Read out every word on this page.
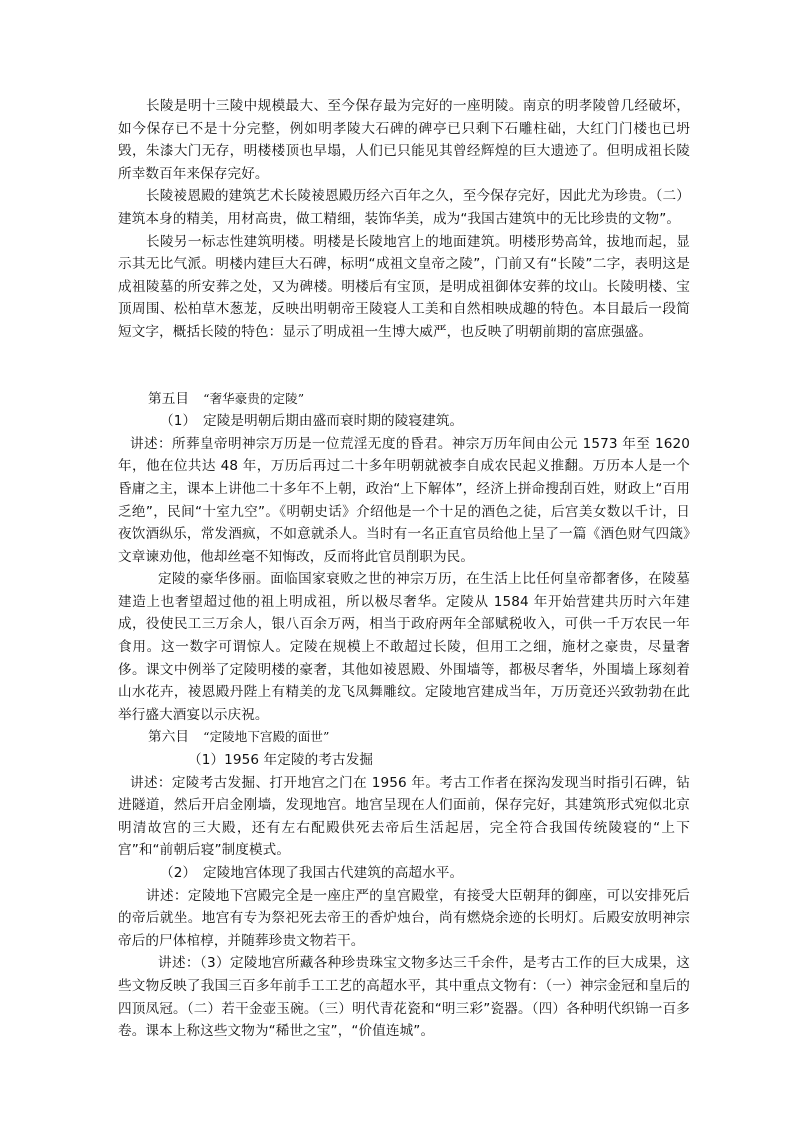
长陵是明十三陵中规模最大、至今保存最为完好的一座明陵。南京的明孝陵曾几经破坏，如今保存已不是十分完整，例如明孝陵大石碑的碑亭已只剩下石雕柱础，大红门门楼也已坍毁，朱漆大门无存，明楼楼顶也早塌，人们已只能见其曾经辉煌的巨大遗迹了。但明成祖长陵所幸数百年来保存完好。

长陵祾恩殿的建筑艺术长陵祾恩殿历经六百年之久，至今保存完好，因此尤为珍贵。（二）建筑本身的精美，用材高贵，做工精细，装饰华美，成为“我国古建筑中的无比珍贵的文物”。

长陵另一标志性建筑明楼。明楼是长陵地宫上的地面建筑。明楼形势高耸，拔地而起，显示其无比气派。明楼内建巨大石碑，标明“成祖文皇帝之陵”，门前又有“长陵”二字，表明这是成祖陵墓的所安葬之处，又为碑楼。明楼后有宝顶，是明成祖御体安葬的坟山。长陵明楼、宝顶周围、松柏草木葱茏，反映出明朝帝王陵寝人工美和自然相映成趣的特色。本目最后一段简短文字，概括长陵的特色：显示了明成祖一生博大威严，也反映了明朝前期的富庶强盛。

第五目 “奢华豪贵的定陵”

（1）　定陵是明朝后期由盛而衰时期的陵寝建筑。

讲述：所葬皇帝明神宗万历是一位荒淫无度的昏君。神宗万历年间由公元 1573 年至 1620 年，他在位共达 48 年，万历后再过二十多年明朝就被李自成农民起义推翻。万历本人是一个昏庸之主，课本上讲他二十多年不上朝，政治“上下解体”，经济上拼命搜刮百姓，财政上“百用乏绝”，民间“十室九空”。《明朝史话》介绍他是一个十足的酒色之徒，后宫美女数以千计，日夜饮酒纵乐，常发酒疯，不如意就杀人。当时有一名正直官员给他上呈了一篇《酒色财气四箴》文章谏劝他，他却丝毫不知悔改，反而将此官员削职为民。

定陵的豪华侈丽。面临国家衰败之世的神宗万历，在生活上比任何皇帝都奢侈，在陵墓建造上也奢望超过他的祖上明成祖，所以极尽奢华。定陵从 1584 年开始营建共历时六年建成，役使民工三万余人，银八百余万两，相当于政府两年全部赋税收入，可供一千万农民一年食用。这一数字可谓惊人。定陵在规模上不敢超过长陵，但用工之细，施材之豪贵，尽量奢侈。课文中例举了定陵明楼的豪奢，其他如祾恩殿、外围墙等，都极尽奢华，外围墙上琢刻着山水花卉，祾恩殿丹陛上有精美的龙飞凤舞雕纹。定陵地宫建成当年，万历竟还兴致勃勃在此举行盛大酒宴以示庆祝。

第六目 “定陵地下宫殿的面世”

（1）1956 年定陵的考古发掘

讲述：定陵考古发掘、打开地宫之门在 1956 年。考古工作者在探沟发现当时指引石碑，钻进隧道，然后开启金刚墙，发现地宫。地宫呈现在人们面前，保存完好，其建筑形式宛似北京明清故宫的三大殿，还有左右配殿供死去帝后生活起居，完全符合我国传统陵寝的“上下宫”和“前朝后寝”制度模式。

（2）　定陵地宫体现了我国古代建筑的高超水平。

讲述：定陵地下宫殿完全是一座庄严的皇宫殿堂，有接受大臣朝拜的御座，可以安排死后的帝后就坐。地宫有专为祭祀死去帝王的香炉烛台，尚有燃烧余迹的长明灯。后殿安放明神宗帝后的尸体棺椁，并随葬珍贵文物若干。

讲述：（3）定陵地宫所藏各种珍贵珠宝文物多达三千余件，是考古工作的巨大成果，这些文物反映了我国三百多年前手工工艺的高超水平，其中重点文物有：（一）神宗金冠和皇后的四顶凤冠。（二）若干金壶玉碗。（三）明代青花瓷和“明三彩”瓷器。（四）各种明代织锦一百多卷。课本上称这些文物为“稀世之宝”，“价值连城”。
